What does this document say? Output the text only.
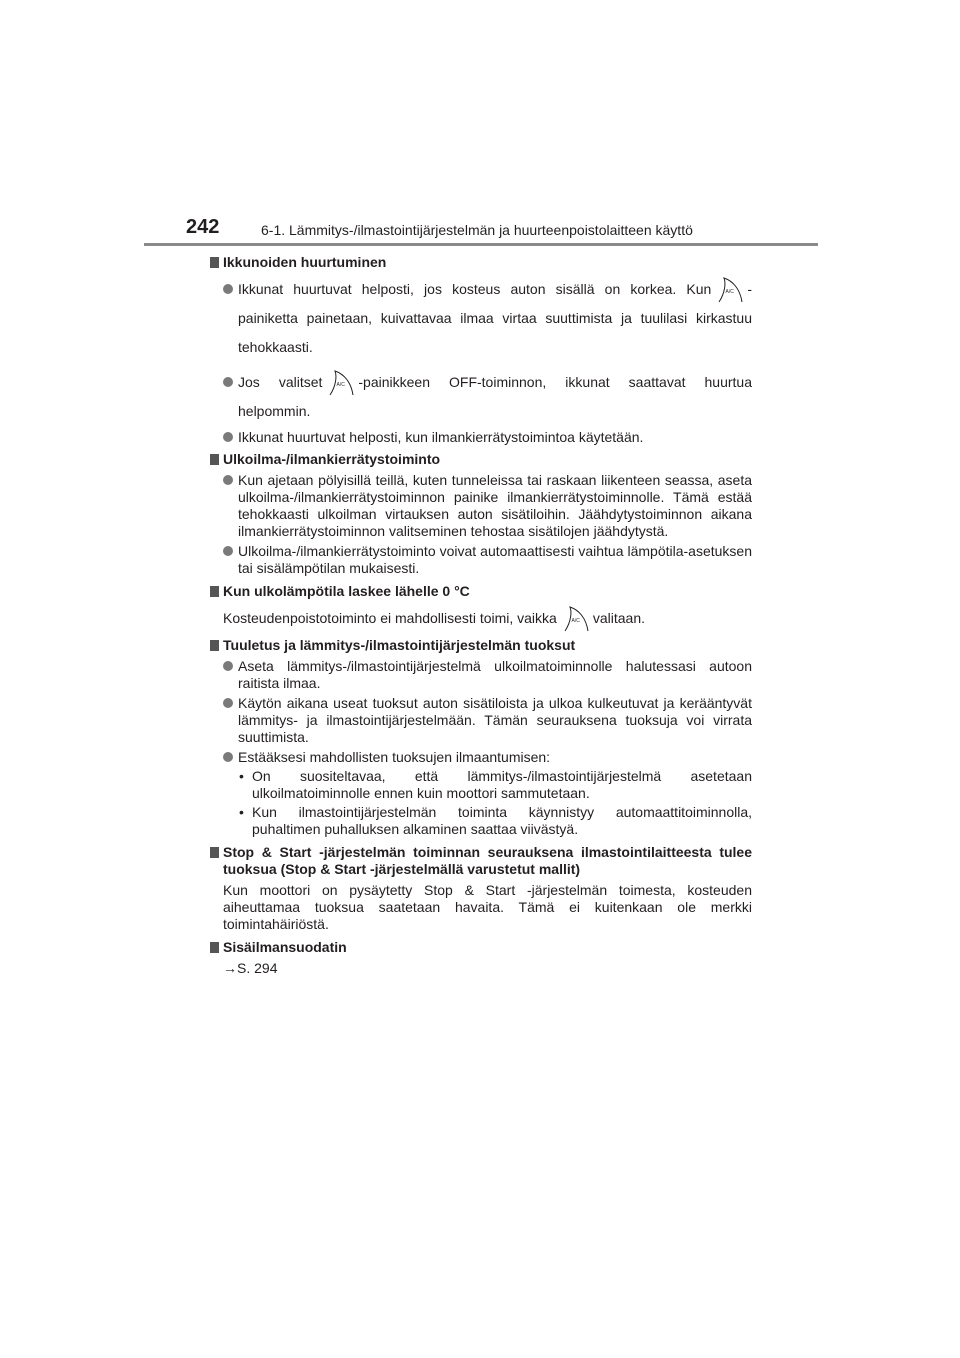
242	6-1. Lämmitys-/ilmastointijärjestelmän ja huurteenpoistolaitteen käyttö
Ikkunoiden huurtuminen
Ikkunat huurtuvat helposti, jos kosteus auton sisällä on korkea. Kun	A/C -painiketta painetaan, kuivattavaa ilmaa virtaa suuttimista ja tuulilasi kirkastuu tehokkaasti.
Jos valitset	A/C -painikkeen OFF-toiminnon, ikkunat saattavat huurtua helpommin.
Ikkunat huurtuvat helposti, kun ilmankierrätystoimintoa käytetään.
Ulkoilma-/ilmankierrätystoiminto
Kun ajetaan pölyisillä teillä, kuten tunneleissa tai raskaan liikenteen seassa, aseta ulkoilma-/ilmankierrätystoiminnon painike ilmankierrätystoiminnolle. Tämä estää tehokkaasti ulkoilman virtauksen auton sisätiloihin. Jäähdytystoiminnon aikana ilmankierrätystoiminnon valitseminen tehostaa sisätilojen jäähdytystä.
Ulkoilma-/ilmankierrätystoiminto voivat automaattisesti vaihtua lämpötila-asetuksen tai sisälämpötilan mukaisesti.
Kun ulkolämpötila laskee lähelle 0 °C
Kosteudenpoistotoiminto ei mahdollisesti toimi, vaikka	A/C valitaan.
Tuuletus ja lämmitys-/ilmastointijärjestelmän tuoksut
Aseta lämmitys-/ilmastointijärjestelmä ulkoilmatoiminnolle halutessasi autoon raitista ilmaa.
Käytön aikana useat tuoksut auton sisätiloista ja ulkoa kulkeutuvat ja kerääntyvät lämmitys- ja ilmastointijärjestelmään. Tämän seurauksena tuoksuja voi virrata suuttimista.
Estääksesi mahdollisten tuoksujen ilmaantumisen:
• On suositeltavaa, että lämmitys-/ilmastointijärjestelmä asetetaan ulkoilmatoiminnolle ennen kuin moottori sammutetaan.
• Kun ilmastointijärjestelmän toiminta käynnistyy automaattitoiminnolla, puhaltimen puhalluksen alkaminen saattaa viivästyä.
Stop & Start -järjestelmän toiminnan seurauksena ilmastointilaitteesta tulee tuoksua (Stop & Start -järjestelmällä varustetut mallit)
Kun moottori on pysäytetty Stop & Start -järjestelmän toimesta, kosteuden aiheuttamaa tuoksua saatetaan havaita. Tämä ei kuitenkaan ole merkki toimintahäiriöstä.
Sisäilmansuodatin
→S. 294
